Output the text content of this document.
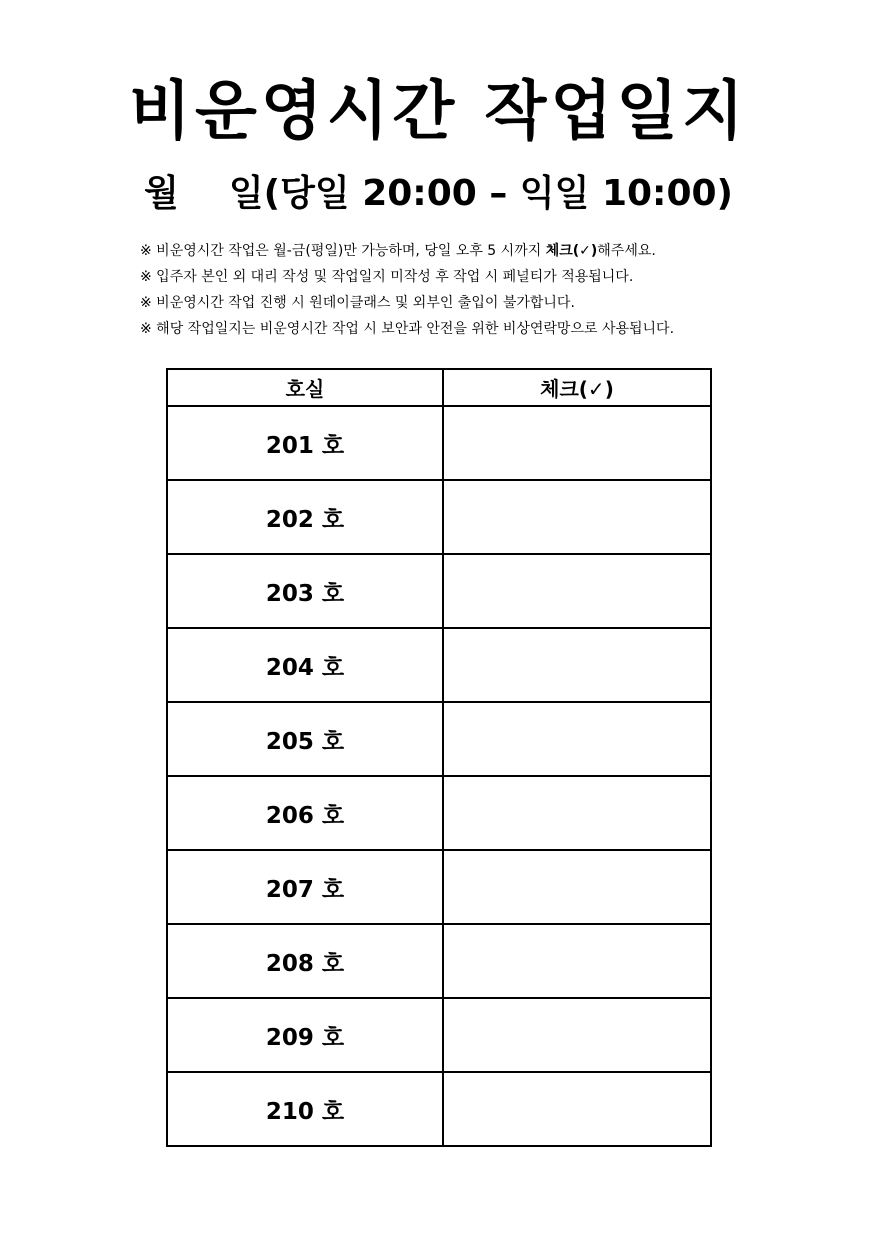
비운영시간 작업일지
월    일(당일 20:00 – 익일 10:00)
※ 비운영시간 작업은 월-금(평일)만 가능하며, 당일 오후 5 시까지 체크(✓)해주세요.
※ 입주자 본인 외 대리 작성 및 작업일지 미작성 후 작업 시 페널티가 적용됩니다.
※ 비운영시간 작업 진행 시 원데이클래스 및 외부인 출입이 불가합니다.
※ 해당 작업일지는 비운영시간 작업 시 보안과 안전을 위한 비상연락망으로 사용됩니다.
호실	체크(✓)
201 호	
202 호	
203 호	
204 호	
205 호	
206 호	
207 호	
208 호	
209 호	
210 호	
